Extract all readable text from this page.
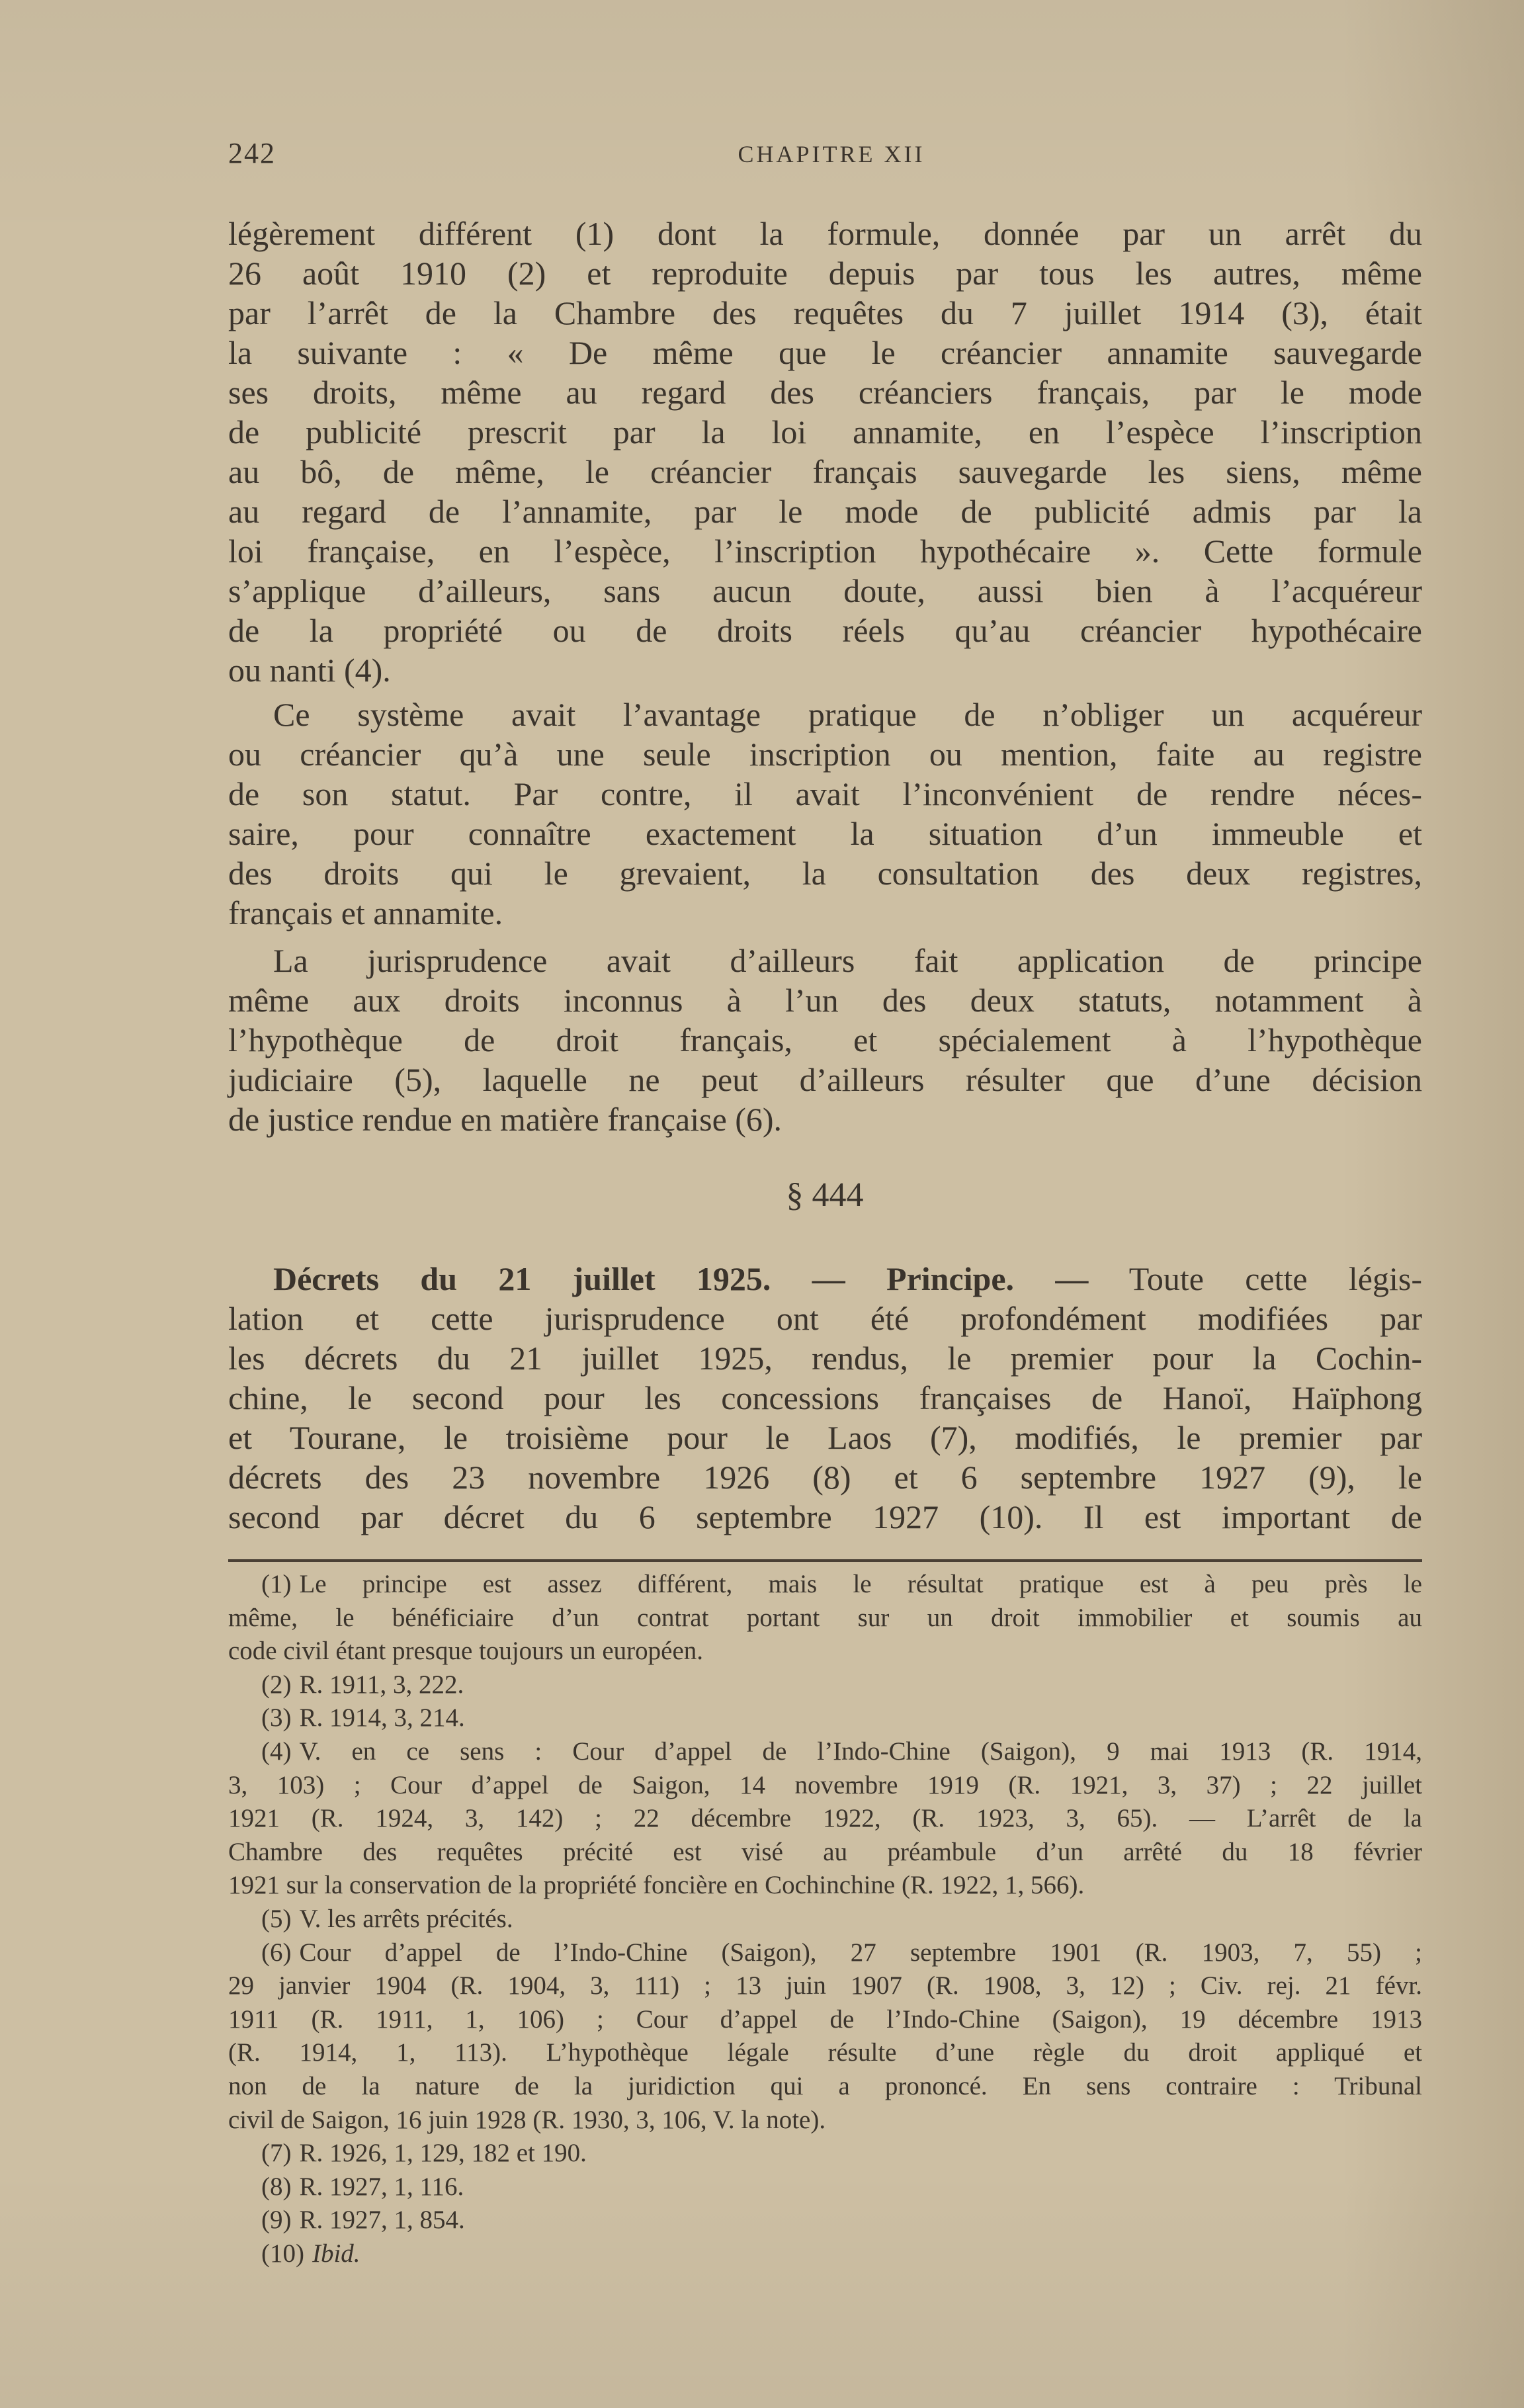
242	CHAPITRE XII
légèrement différent (1) dont la formule, donnée par un arrêt du
26 août 1910 (2) et reproduite depuis par tous les autres, même
par l’arrêt de la Chambre des requêtes du 7 juillet 1914 (3), était
la suivante : « De même que le créancier annamite sauvegarde
ses droits, même au regard des créanciers français, par le mode
de publicité prescrit par la loi annamite, en l’espèce l’inscription
au bô, de même, le créancier français sauvegarde les siens, même
au regard de l’annamite, par le mode de publicité admis par la
loi française, en l’espèce, l’inscription hypothécaire ». Cette formule
s’applique d’ailleurs, sans aucun doute, aussi bien à l’acquéreur
de la propriété ou de droits réels qu’au créancier hypothécaire
ou nanti (4).
Ce système avait l’avantage pratique de n’obliger un acquéreur
ou créancier qu’à une seule inscription ou mention, faite au registre
de son statut. Par contre, il avait l’inconvénient de rendre néces-
saire, pour connaître exactement la situation d’un immeuble et
des droits qui le grevaient, la consultation des deux registres,
français et annamite.
La jurisprudence avait d’ailleurs fait application de principe
même aux droits inconnus à l’un des deux statuts, notamment à
l’hypothèque de droit français, et spécialement à l’hypothèque
judiciaire (5), laquelle ne peut d’ailleurs résulter que d’une décision
de justice rendue en matière française (6).
§ 444
Décrets du 21 juillet 1925. — Principe. — Toute cette légis-
lation et cette jurisprudence ont été profondément modifiées par
les décrets du 21 juillet 1925, rendus, le premier pour la Cochin-
chine, le second pour les concessions françaises de Hanoï, Haïphong
et Tourane, le troisième pour le Laos (7), modifiés, le premier par
décrets des 23 novembre 1926 (8) et 6 septembre 1927 (9), le
second par décret du 6 septembre 1927 (10). Il est important de
(1) Le principe est assez différent, mais le résultat pratique est à peu près le
même, le bénéficiaire d’un contrat portant sur un droit immobilier et soumis au
code civil étant presque toujours un européen.
(2) R. 1911, 3, 222.
(3) R. 1914, 3, 214.
(4) V. en ce sens : Cour d’appel de l’Indo-Chine (Saigon), 9 mai 1913 (R. 1914,
3, 103) ; Cour d’appel de Saigon, 14 novembre 1919 (R. 1921, 3, 37) ; 22 juillet
1921 (R. 1924, 3, 142) ; 22 décembre 1922, (R. 1923, 3, 65). — L’arrêt de la
Chambre des requêtes précité est visé au préambule d’un arrêté du 18 février
1921 sur la conservation de la propriété foncière en Cochinchine (R. 1922, 1, 566).
(5) V. les arrêts précités.
(6) Cour d’appel de l’Indo-Chine (Saigon), 27 septembre 1901 (R. 1903, 7, 55) ;
29 janvier 1904 (R. 1904, 3, 111) ; 13 juin 1907 (R. 1908, 3, 12) ; Civ. rej. 21 févr.
1911 (R. 1911, 1, 106) ; Cour d’appel de l’Indo-Chine (Saigon), 19 décembre 1913
(R. 1914, 1, 113). L’hypothèque légale résulte d’une règle du droit appliqué et
non de la nature de la juridiction qui a prononcé. En sens contraire : Tribunal
civil de Saigon, 16 juin 1928 (R. 1930, 3, 106, V. la note).
(7) R. 1926, 1, 129, 182 et 190.
(8) R. 1927, 1, 116.
(9) R. 1927, 1, 854.
(10) Ibid.
